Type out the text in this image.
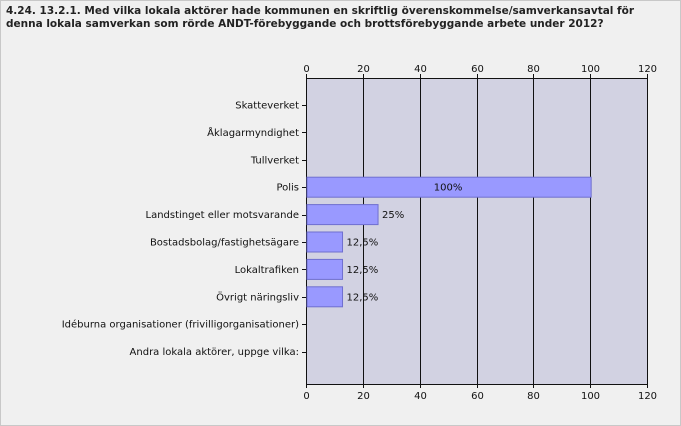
4.24. 13.2.1. Med vilka lokala aktörer hade kommunen en skriftlig överenskommelse/samverkansavtal för denna lokala samverkan som rörde ANDT-förebyggande och brottsförebyggande arbete under 2012?
0
0
20
20
40
40
60
60
80
80
100
100
120
120
Skatteverket
Åklagarmyndighet
Tullverket
Polis	100%
Landstinget eller motsvarande	25%
Bostadsbolag/fastighetsägare	12,5%
Lokaltrafiken	12,5%
Övrigt näringsliv	12,5%
Idéburna organisationer (frivilligorganisationer)
Andra lokala aktörer, uppge vilka:
